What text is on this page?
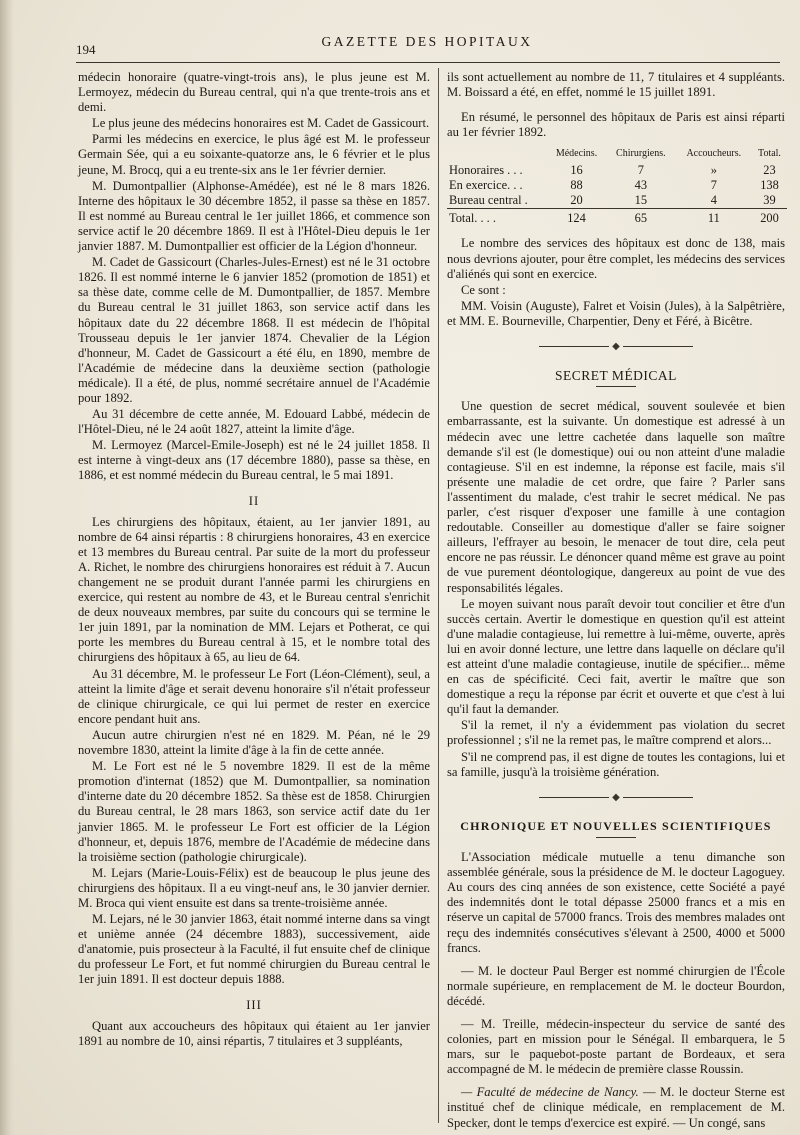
194
GAZETTE DES HOPITAUX

médecin honoraire (quatre-vingt-trois ans), le plus jeune est M. Lermoyez, médecin du Bureau central, qui n'a que trente-trois ans et demi.

Le plus jeune des médecins honoraires est M. Cadet de Gassicourt.

Parmi les médecins en exercice, le plus âgé est M. le professeur Germain Sée, qui a eu soixante-quatorze ans, le 6 février et le plus jeune, M. Brocq, qui a eu trente-six ans le 1er février dernier.

M. Dumontpallier (Alphonse-Amédée), est né le 8 mars 1826. Interne des hôpitaux le 30 décembre 1852, il passe sa thèse en 1857. Il est nommé au Bureau central le 1er juillet 1866, et commence son service actif le 20 décembre 1869. Il est à l'Hôtel-Dieu depuis le 1er janvier 1887. M. Dumontpallier est officier de la Légion d'honneur.

M. Cadet de Gassicourt (Charles-Jules-Ernest) est né le 31 octobre 1826. Il est nommé interne le 6 janvier 1852 (promotion de 1851) et sa thèse date, comme celle de M. Dumontpallier, de 1857. Membre du Bureau central le 31 juillet 1863, son service actif dans les hôpitaux date du 22 décembre 1868. Il est médecin de l'hôpital Trousseau depuis le 1er janvier 1874. Chevalier de la Légion d'honneur, M. Cadet de Gassicourt a été élu, en 1890, membre de l'Académie de médecine dans la deuxième section (pathologie médicale). Il a été, de plus, nommé secrétaire annuel de l'Académie pour 1892.

Au 31 décembre de cette année, M. Edouard Labbé, médecin de l'Hôtel-Dieu, né le 24 août 1827, atteint la limite d'âge.

M. Lermoyez (Marcel-Emile-Joseph) est né le 24 juillet 1858. Il est interne à vingt-deux ans (17 décembre 1880), passe sa thèse, en 1886, et est nommé médecin du Bureau central, le 5 mai 1891.

II

Les chirurgiens des hôpitaux, étaient, au 1er janvier 1891, au nombre de 64 ainsi répartis : 8 chirurgiens honoraires, 43 en exercice et 13 membres du Bureau central. Par suite de la mort du professeur A. Richet, le nombre des chirurgiens honoraires est réduit à 7. Aucun changement ne se produit durant l'année parmi les chirurgiens en exercice, qui restent au nombre de 43, et le Bureau central s'enrichit de deux nouveaux membres, par suite du concours qui se termine le 1er juin 1891, par la nomination de MM. Lejars et Potherat, ce qui porte les membres du Bureau central à 15, et le nombre total des chirurgiens des hôpitaux à 65, au lieu de 64.

Au 31 décembre, M. le professeur Le Fort (Léon-Clément), seul, a atteint la limite d'âge et serait devenu honoraire s'il n'était professeur de clinique chirurgicale, ce qui lui permet de rester en exercice encore pendant huit ans.

Aucun autre chirurgien n'est né en 1829. M. Péan, né le 29 novembre 1830, atteint la limite d'âge à la fin de cette année.

M. Le Fort est né le 5 novembre 1829. Il est de la même promotion d'internat (1852) que M. Dumontpallier, sa nomination d'interne date du 20 décembre 1852. Sa thèse est de 1858. Chirurgien du Bureau central, le 28 mars 1863, son service actif date du 1er janvier 1865. M. le professeur Le Fort est officier de la Légion d'honneur, et, depuis 1876, membre de l'Académie de médecine dans la troisième section (pathologie chirurgicale).

M. Lejars (Marie-Louis-Félix) est de beaucoup le plus jeune des chirurgiens des hôpitaux. Il a eu vingt-neuf ans, le 30 janvier dernier. M. Broca qui vient ensuite est dans sa trente-troisième année.

M. Lejars, né le 30 janvier 1863, était nommé interne dans sa vingt et unième année (24 décembre 1883), successivement, aide d'anatomie, puis prosecteur à la Faculté, il fut ensuite chef de clinique du professeur Le Fort, et fut nommé chirurgien du Bureau central le 1er juin 1891. Il est docteur depuis 1888.

III

Quant aux accoucheurs des hôpitaux qui étaient au 1er janvier 1891 au nombre de 10, ainsi répartis, 7 titulaires et 3 suppléants,

ils sont actuellement au nombre de 11, 7 titulaires et 4 suppléants. M. Boissard a été, en effet, nommé le 15 juillet 1891.

En résumé, le personnel des hôpitaux de Paris est ainsi réparti au 1er février 1892.

	Médecins.	Chirurgiens.	Accoucheurs.	Total.
Honoraires . . .	16	7	»	23
En exercice. . .	88	43	7	138
Bureau central .	20	15	4	39
Total. . . .	124	65	11	200

Le nombre des services des hôpitaux est donc de 138, mais nous devrions ajouter, pour être complet, les médecins des services d'aliénés qui sont en exercice.

Ce sont :

MM. Voisin (Auguste), Falret et Voisin (Jules), à la Salpêtrière, et MM. E. Bourneville, Charpentier, Deny et Féré, à Bicêtre.

◆
SECRET MÉDICAL

Une question de secret médical, souvent soulevée et bien embarrassante, est la suivante. Un domestique est adressé à un médecin avec une lettre cachetée dans laquelle son maître demande s'il est (le domestique) oui ou non atteint d'une maladie contagieuse. S'il en est indemne, la réponse est facile, mais s'il présente une maladie de cet ordre, que faire ? Parler sans l'assentiment du malade, c'est trahir le secret médical. Ne pas parler, c'est risquer d'exposer une famille à une contagion redoutable. Conseiller au domestique d'aller se faire soigner ailleurs, l'effrayer au besoin, le menacer de tout dire, cela peut encore ne pas réussir. Le dénoncer quand même est grave au point de vue purement déontologique, dangereux au point de vue des responsabilités légales.

Le moyen suivant nous paraît devoir tout concilier et être d'un succès certain. Avertir le domestique en question qu'il est atteint d'une maladie contagieuse, lui remettre à lui-même, ouverte, après lui en avoir donné lecture, une lettre dans laquelle on déclare qu'il est atteint d'une maladie contagieuse, inutile de spécifier... même en cas de spécificité. Ceci fait, avertir le maître que son domestique a reçu la réponse par écrit et ouverte et que c'est à lui qu'il faut la demander.

S'il la remet, il n'y a évidemment pas violation du secret professionnel ; s'il ne la remet pas, le maître comprend et alors...

S'il ne comprend pas, il est digne de toutes les contagions, lui et sa famille, jusqu'à la troisième génération.

◆
CHRONIQUE ET NOUVELLES SCIENTIFIQUES

L'Association médicale mutuelle a tenu dimanche son assemblée générale, sous la présidence de M. le docteur Lagoguey. Au cours des cinq années de son existence, cette Société a payé des indemnités dont le total dépasse 25000 francs et a mis en réserve un capital de 57000 francs. Trois des membres malades ont reçu des indemnités consécutives s'élevant à 2500, 4000 et 5000 francs.

— M. le docteur Paul Berger est nommé chirurgien de l'École normale supérieure, en remplacement de M. le docteur Bourdon, décédé.

— M. Treille, médecin-inspecteur du service de santé des colonies, part en mission pour le Sénégal. Il embarquera, le 5 mars, sur le paquebot-poste partant de Bordeaux, et sera accompagné de M. le médecin de première classe Roussin.

— Faculté de médecine de Nancy. — M. le docteur Sterne est institué chef de clinique médicale, en remplacement de M. Specker, dont le temps d'exercice est expiré. — Un congé, sans
